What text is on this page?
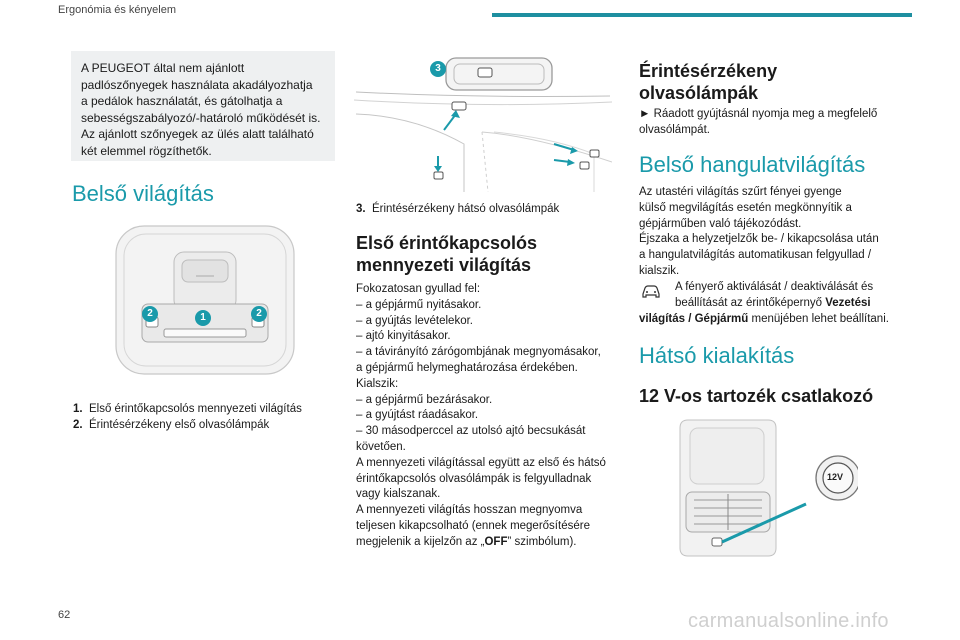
Ergonómia és kényelem

A PEUGEOT által nem ajánlott

padlószőnyegek használata akadályozhatja

a pedálok használatát, és gátolhatja a

sebességszabályozó/-határoló működését is.

Az ajánlott szőnyegek az ülés alatt található

két elemmel rögzíthetők.

Belső világítás
2	1	2
1. Első érintőkapcsolós mennyezeti világítás
2. Érintésérzékeny első olvasólámpák
3
3. Érintésérzékeny hátsó olvasólámpák
Első érintőkapcsolós
mennyezeti világítás
Fokozatosan gyullad fel:
– a gépjármű nyitásakor.
– a gyújtás levételekor.
– ajtó kinyitásakor.
– a távirányító zárógombjának megnyomásakor,
a gépjármű helymeghatározása érdekében.
Kialszik:
– a gépjármű bezárásakor.
– a gyújtást ráadásakor.
– 30 másodperccel az utolsó ajtó becsukását
követően.
A mennyezeti világítással együtt az első és hátsó
érintőkapcsolós olvasólámpák is felgyulladnak
vagy kialszanak.
A mennyezeti világítás hosszan megnyomva
teljesen kikapcsolható (ennek megerősítésére
megjelenik a kijelzőn az „OFF” szimbólum).
Érintésérzékeny
olvasólámpák
► Ráadott gyújtásnál nyomja meg a megfelelő
olvasólámpát.
Belső hangulatvilágítás
Az utastéri világítás szűrt fényei gyenge
külső megvilágítás esetén megkönnyítik a
gépjárműben való tájékozódást.
Éjszaka a helyzetjelzők be- / kikapcsolása után
a hangulatvilágítás automatikusan felgyullad /
kialszik.
A fényerő aktiválását / deaktiválását és
beállítását az érintőképernyő Vezetési
világítás / Gépjármű menüjében lehet beállítani.
Hátsó kialakítás
12 V-os tartozék csatlakozó
12V
62	carmanualsonline.info
